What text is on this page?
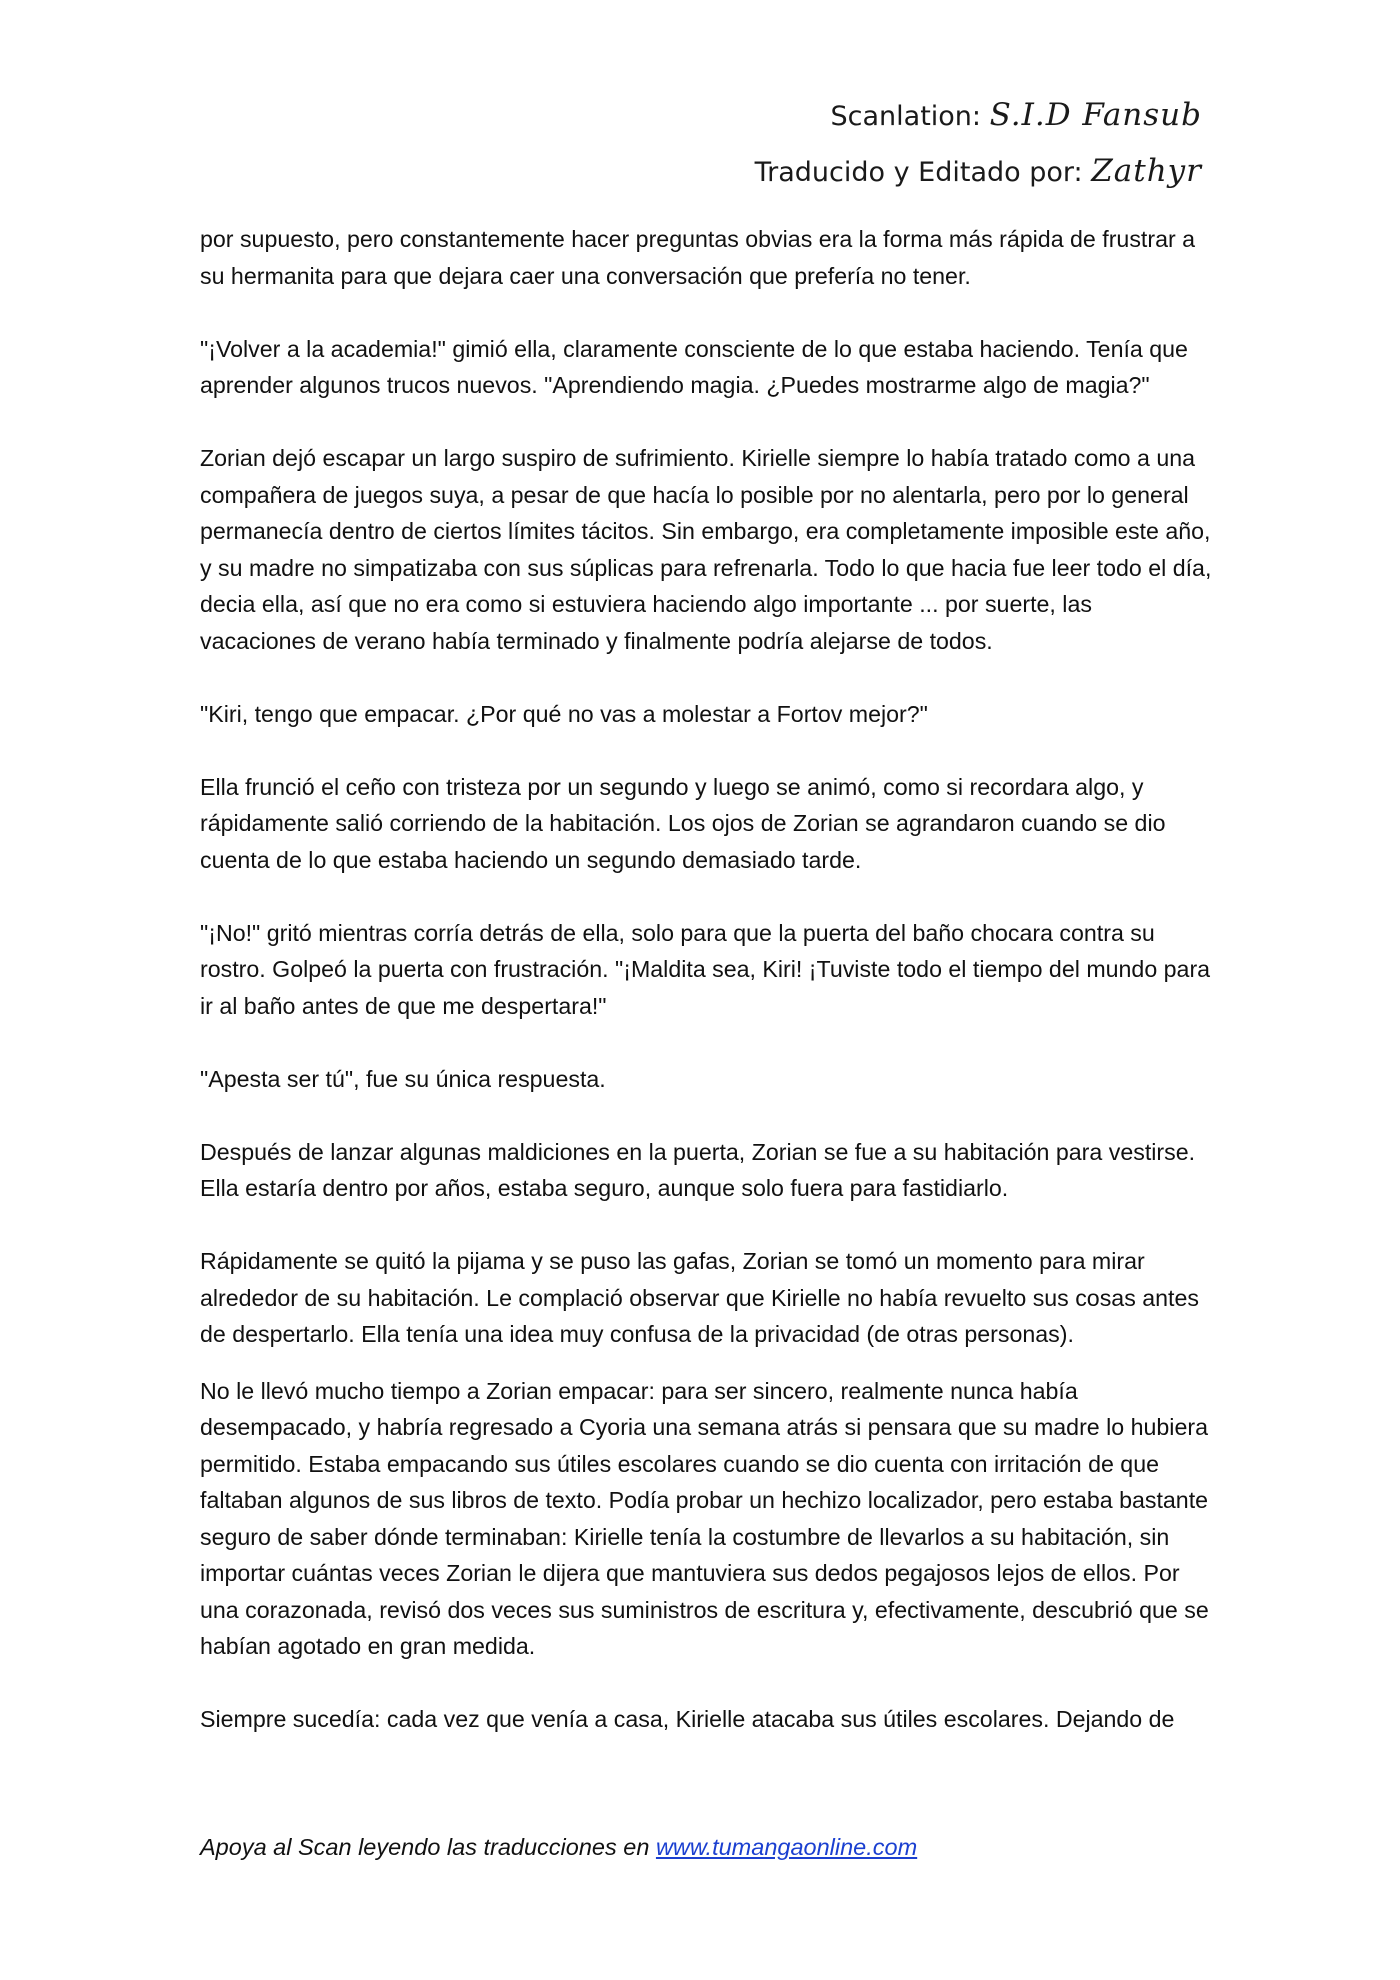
Scanlation: S.I.D Fansub
Traducido y Editado por: Zathyr

por supuesto, pero constantemente hacer preguntas obvias era la forma más rápida de frustrar a su hermanita para que dejara caer una conversación que prefería no tener.

"¡Volver a la academia!" gimió ella, claramente consciente de lo que estaba haciendo. Tenía que aprender algunos trucos nuevos. "Aprendiendo magia. ¿Puedes mostrarme algo de magia?"

Zorian dejó escapar un largo suspiro de sufrimiento. Kirielle siempre lo había tratado como a una compañera de juegos suya, a pesar de que hacía lo posible por no alentarla, pero por lo general permanecía dentro de ciertos límites tácitos. Sin embargo, era completamente imposible este año, y su madre no simpatizaba con sus súplicas para refrenarla. Todo lo que hacia fue leer todo el día, decia ella, así que no era como si estuviera haciendo algo importante ... por suerte, las vacaciones de verano había terminado y finalmente podría alejarse de todos.

"Kiri, tengo que empacar. ¿Por qué no vas a molestar a Fortov mejor?"

Ella frunció el ceño con tristeza por un segundo y luego se animó, como si recordara algo, y rápidamente salió corriendo de la habitación. Los ojos de Zorian se agrandaron cuando se dio cuenta de lo que estaba haciendo un segundo demasiado tarde.

"¡No!" gritó mientras corría detrás de ella, solo para que la puerta del baño chocara contra su rostro. Golpeó la puerta con frustración. "¡Maldita sea, Kiri! ¡Tuviste todo el tiempo del mundo para ir al baño antes de que me despertara!"

"Apesta ser tú", fue su única respuesta.

Después de lanzar algunas maldiciones en la puerta, Zorian se fue a su habitación para vestirse. Ella estaría dentro por años, estaba seguro, aunque solo fuera para fastidiarlo.

Rápidamente se quitó la pijama y se puso las gafas, Zorian se tomó un momento para mirar alrededor de su habitación. Le complació observar que Kirielle no había revuelto sus cosas antes de despertarlo. Ella tenía una idea muy confusa de la privacidad (de otras personas).

No le llevó mucho tiempo a Zorian empacar: para ser sincero, realmente nunca había desempacado, y habría regresado a Cyoria una semana atrás si pensara que su madre lo hubiera permitido. Estaba empacando sus útiles escolares cuando se dio cuenta con irritación de que faltaban algunos de sus libros de texto. Podía probar un hechizo localizador, pero estaba bastante seguro de saber dónde terminaban: Kirielle tenía la costumbre de llevarlos a su habitación, sin importar cuántas veces Zorian le dijera que mantuviera sus dedos pegajosos lejos de ellos. Por una corazonada, revisó dos veces sus suministros de escritura y, efectivamente, descubrió que se habían agotado en gran medida.

Siempre sucedía: cada vez que venía a casa, Kirielle atacaba sus útiles escolares. Dejando de

Apoya al Scan leyendo las traducciones en www.tumangaonline.com
